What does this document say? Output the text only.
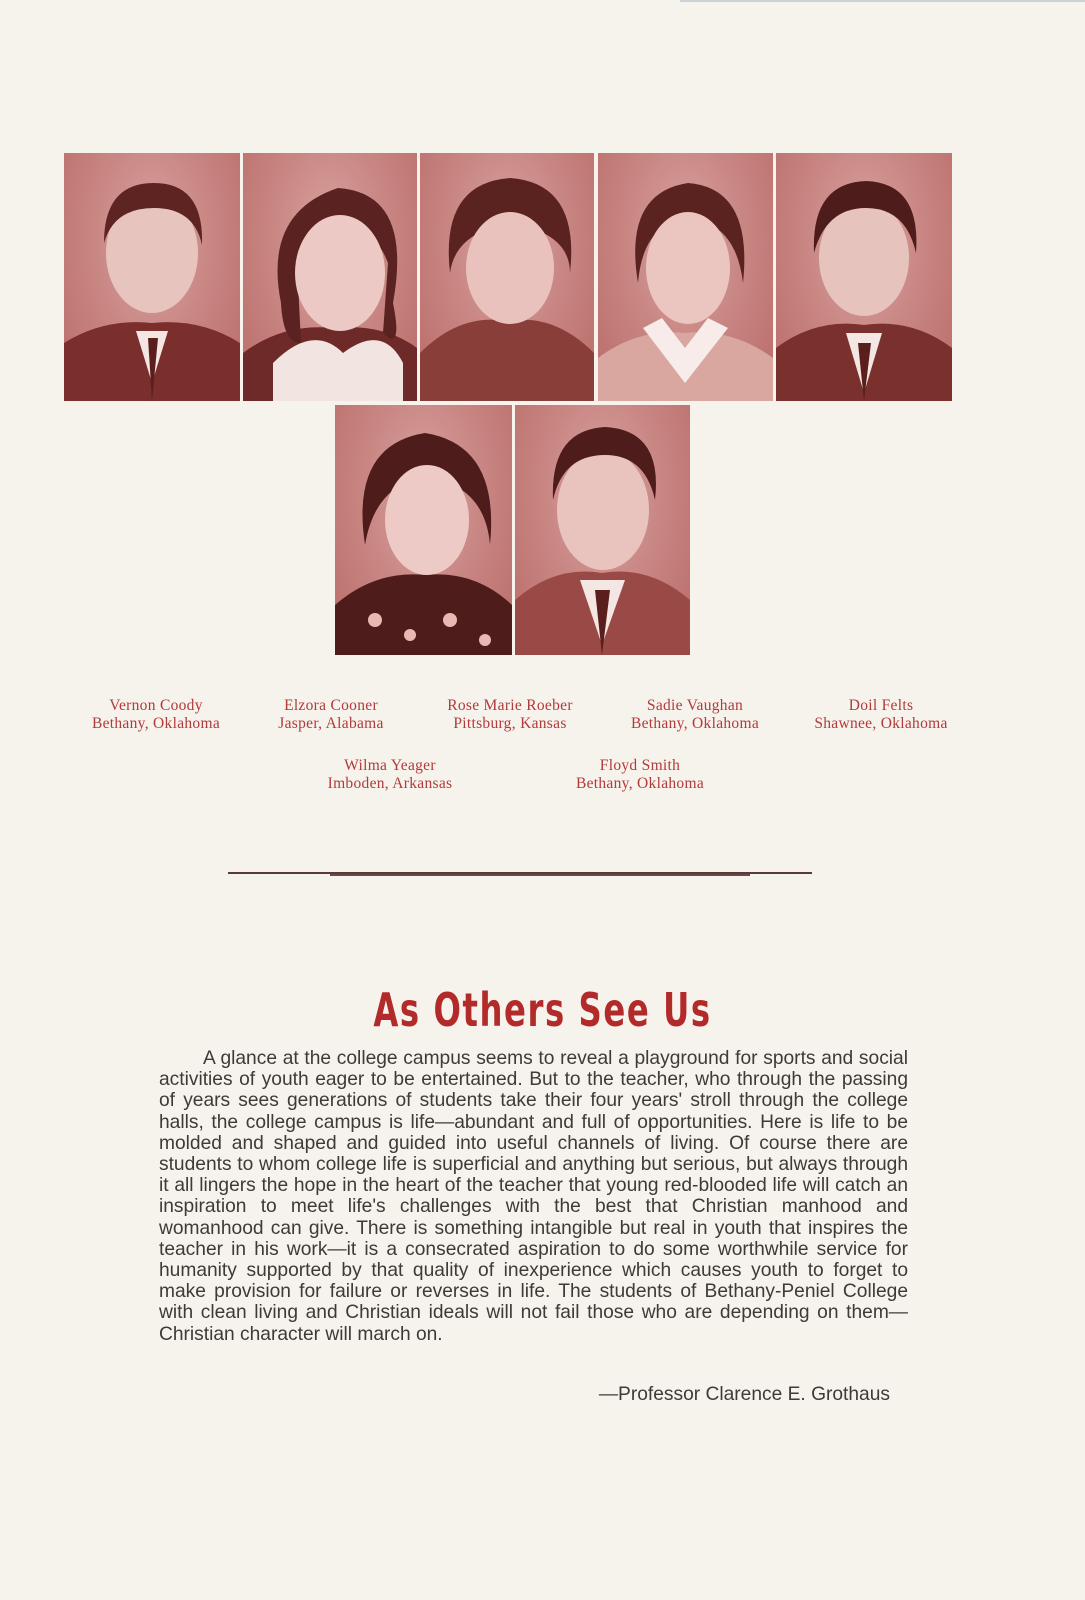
Vernon Coody
Bethany, Oklahoma
Elzora Cooner
Jasper, Alabama
Rose Marie Roeber
Pittsburg, Kansas
Sadie Vaughan
Bethany, Oklahoma
Doil Felts
Shawnee, Oklahoma
Wilma Yeager
Imboden, Arkansas
Floyd Smith
Bethany, Oklahoma
As Others See Us

A glance at the college campus seems to reveal a playground for sports and social activities of youth eager to be entertained. But to the teacher, who through the passing of years sees generations of students take their four years' stroll through the college halls, the college campus is life—abundant and full of opportunities. Here is life to be molded and shaped and guided into useful channels of living. Of course there are students to whom college life is superficial and anything but serious, but always through it all lingers the hope in the heart of the teacher that young red-blooded life will catch an inspiration to meet life's challenges with the best that Christian manhood and womanhood can give. There is something intangible but real in youth that inspires the teacher in his work—it is a consecrated aspiration to do some worthwhile service for humanity supported by that quality of inexperience which causes youth to forget to make provision for failure or reverses in life. The students of Bethany-Peniel College with clean living and Christian ideals will not fail those who are depending on them—Christian character will march on.

—Professor Clarence E. Grothaus
